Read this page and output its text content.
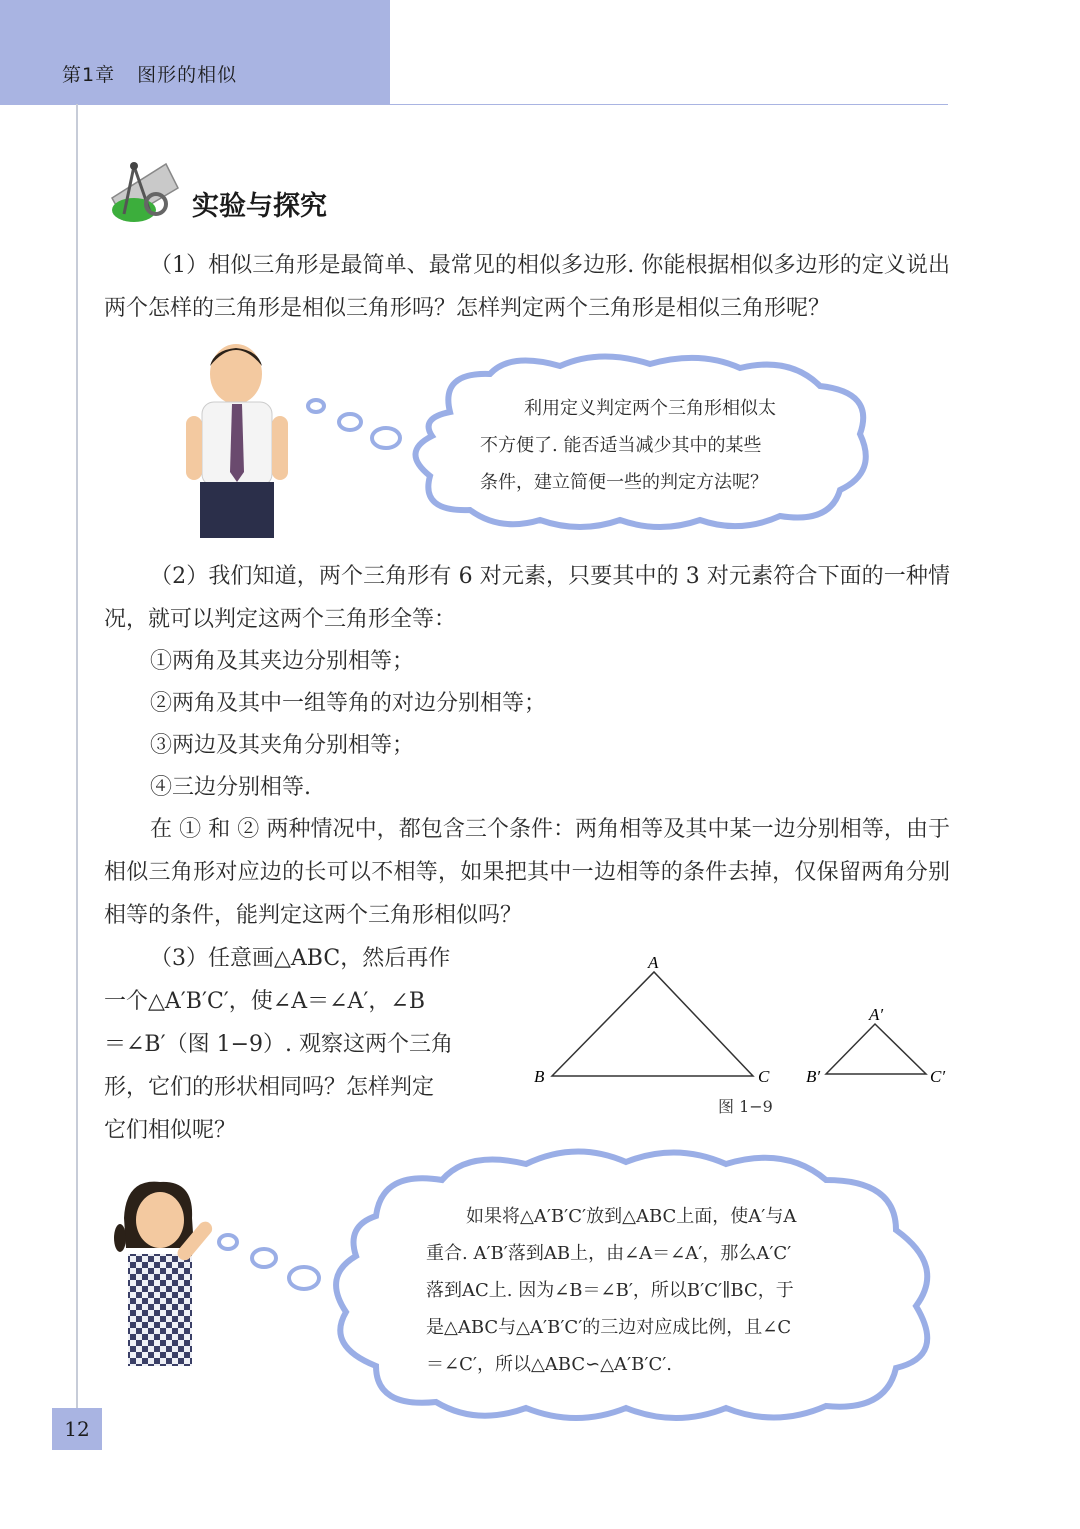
第1章 图形的相似
实验与探究

（1）相似三角形是最简单、最常见的相似多边形. 你能根据相似多边形的定义说出两个怎样的三角形是相似三角形吗？怎样判定两个三角形是相似三角形呢？

利用定义判定两个三角形相似太
不方便了. 能否适当减少其中的某些
条件，建立简便一些的判定方法呢？

（2）我们知道，两个三角形有 6 对元素，只要其中的 3 对元素符合下面的一种情况，就可以判定这两个三角形全等：

①两角及其夹边分别相等；

②两角及其中一组等角的对边分别相等；

③两边及其夹角分别相等；

④三边分别相等.

在 ① 和 ② 两种情况中，都包含三个条件：两角相等及其中某一边分别相等，由于相似三角形对应边的长可以不相等，如果把其中一边相等的条件去掉，仅保留两角分别相等的条件，能判定这两个三角形相似吗？

（3）任意画△ABC，然后再作
一个△A′B′C′，使∠A＝∠A′，∠B
＝∠B′（图 1−9）. 观察这两个三角
形，它们的形状相同吗？怎样判定
它们相似呢？
A
B	C
A′
B′	C′
图 1−9
如果将△A′B′C′放到△ABC上面，使A′与A
重合. A′B′落到AB上，由∠A＝∠A′，那么A′C′
落到AC上. 因为∠B＝∠B′，所以B′C′∥BC，于
是△ABC与△A′B′C′的三边对应成比例，且∠C
＝∠C′，所以△ABC∽△A′B′C′.
12
